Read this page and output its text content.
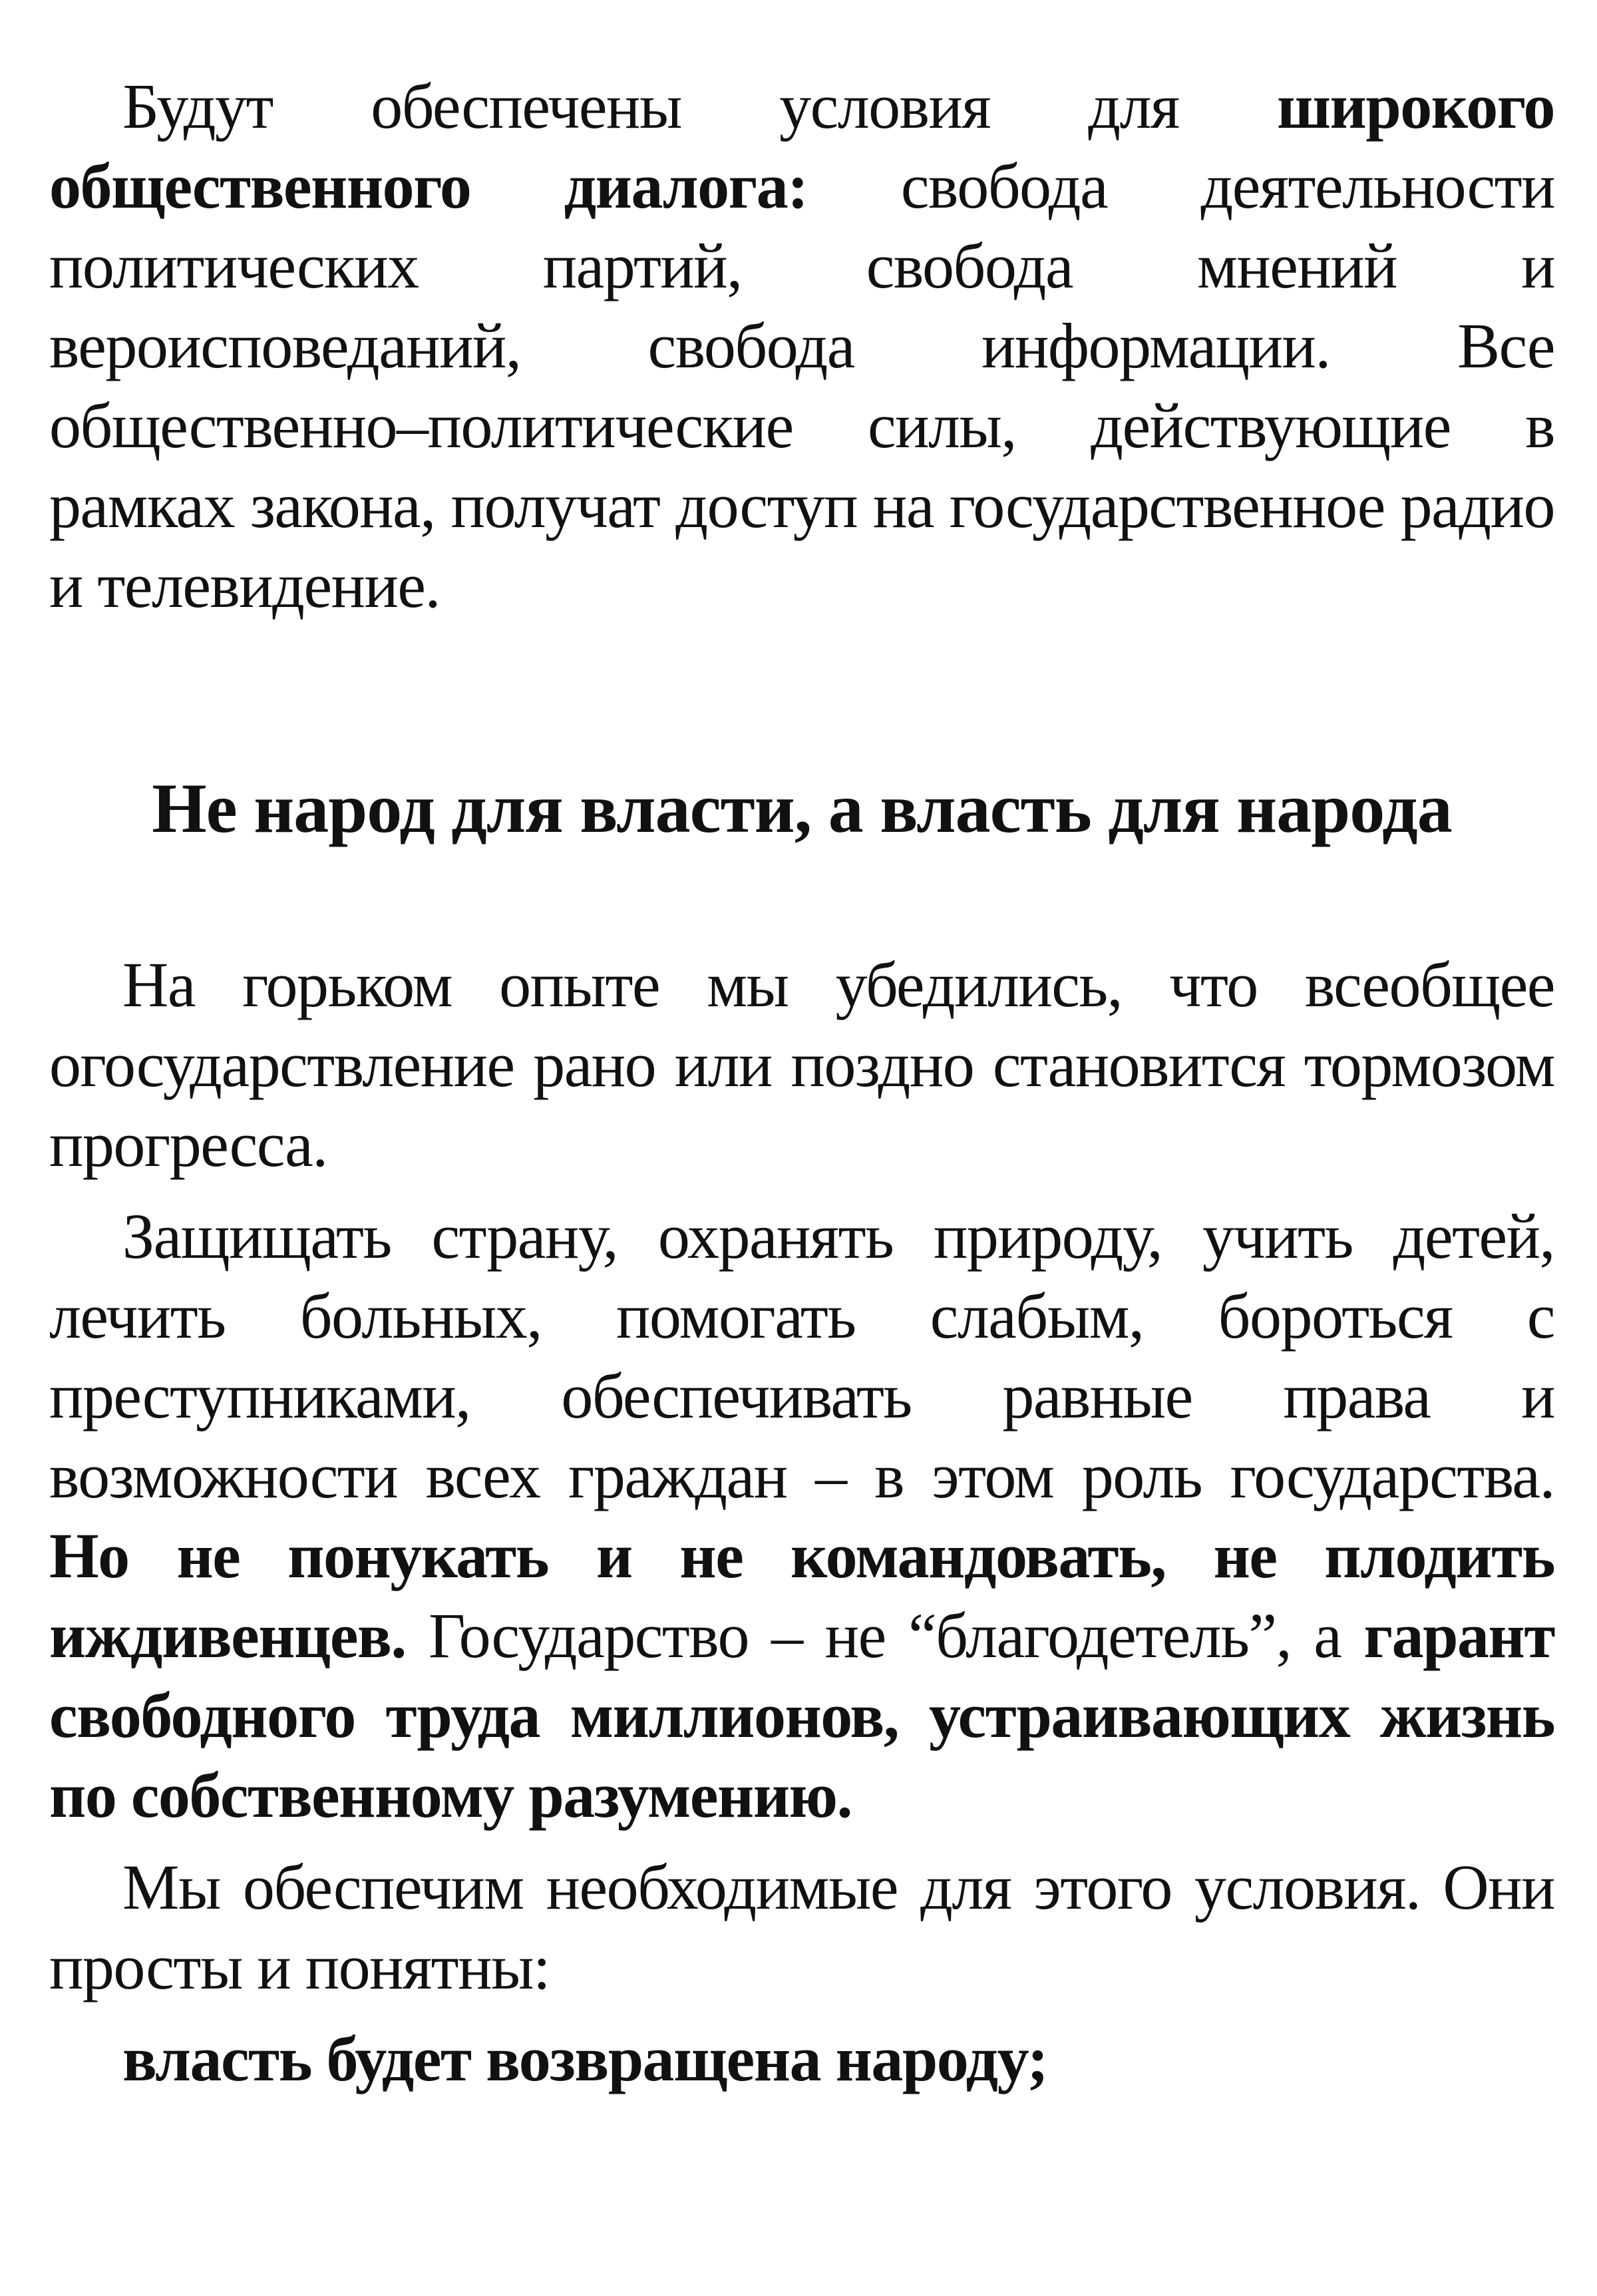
Будут обеспечены условия для широкого общественного диалога: свобода деятельности политических партий, свобода мнений и вероисповеданий, свобода информации. Все общественно–политические силы, действующие в рамках закона, получат доступ на государственное радио и телевидение.

Не народ для власти, а власть для народа

На горьком опыте мы убедились, что всеобщее огосударствление рано или поздно становится тормозом прогресса.

Защищать страну, охранять природу, учить детей, лечить больных, помогать слабым, бороться с преступниками, обеспечивать равные права и возможности всех граждан – в этом роль государства. Но не понукать и не командовать, не плодить иждивенцев. Государство – не “благодетель”, а гарант свободного труда миллионов, устраивающих жизнь по собственному разумению.

Мы обеспечим необходимые для этого условия. Они просты и понятны:

власть будет возвращена народу;
